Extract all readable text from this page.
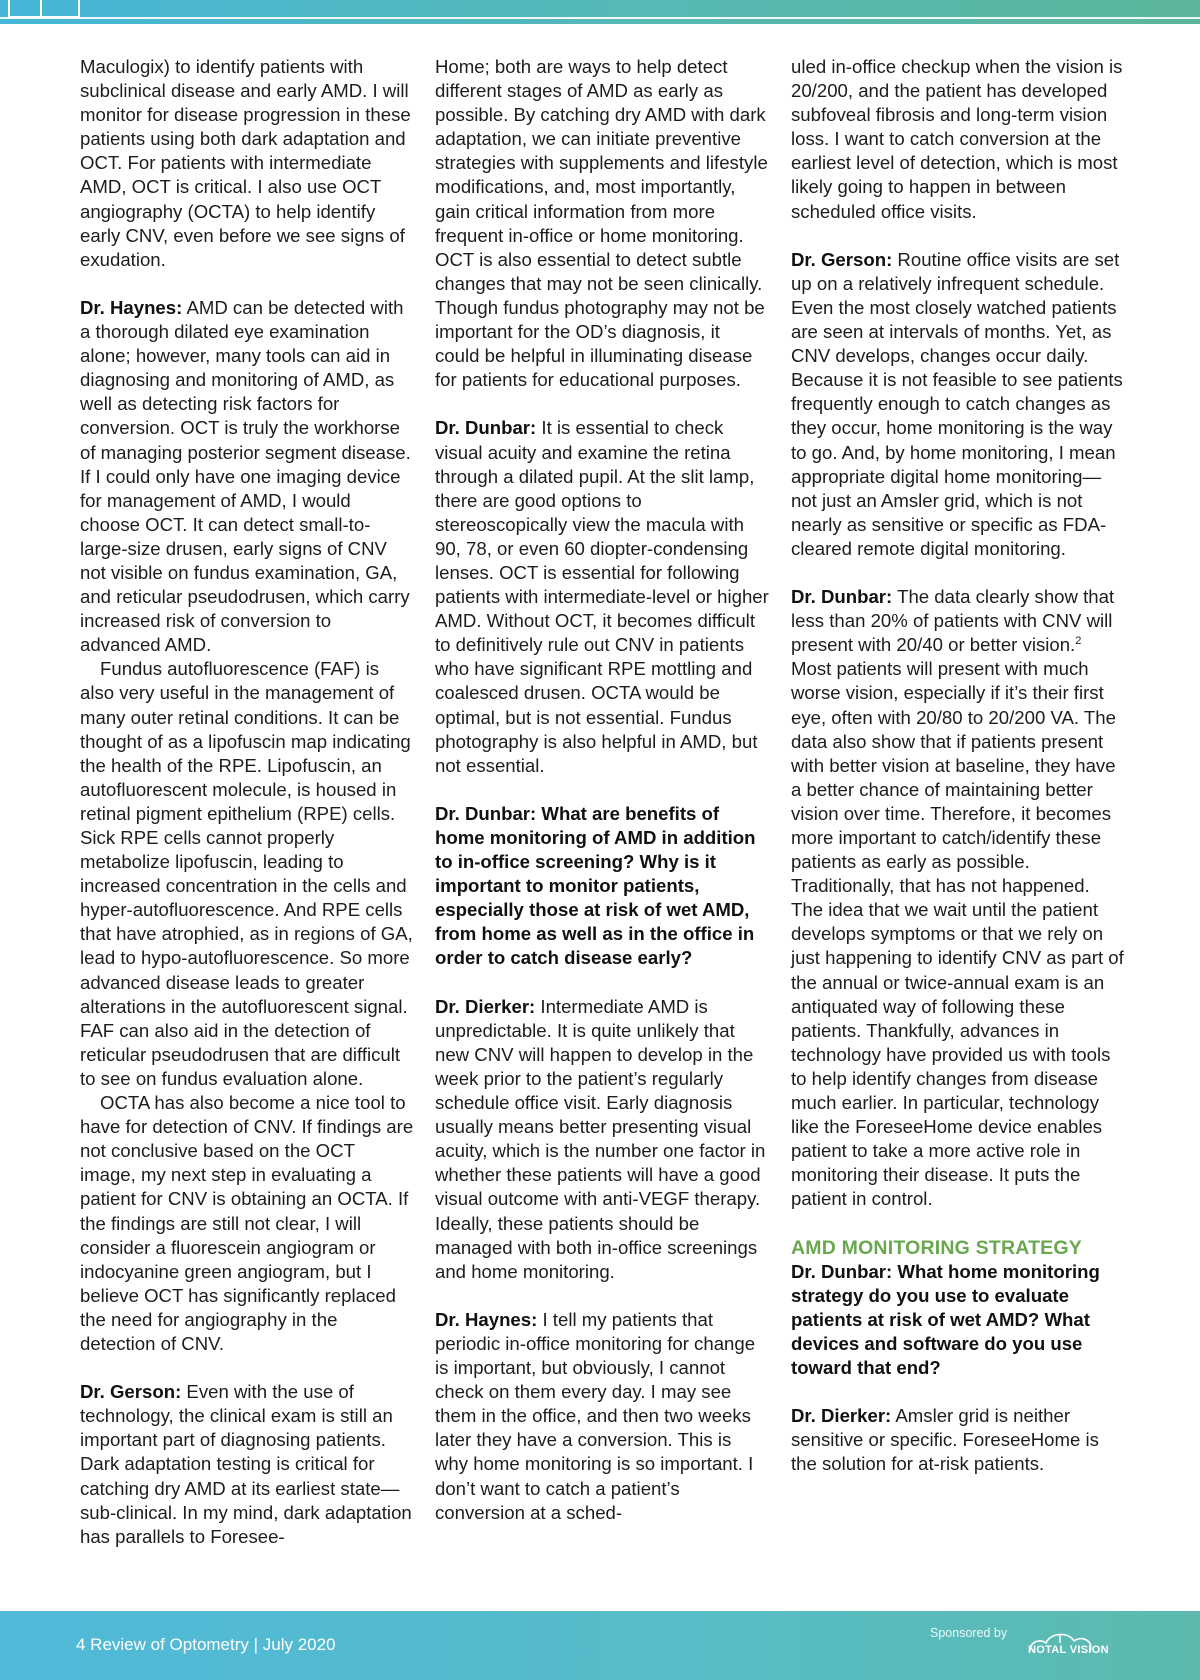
Maculogix) to identify patients with subclinical disease and early AMD. I will monitor for disease progression in these patients using both dark adaptation and OCT. For patients with intermediate AMD, OCT is critical. I also use OCT angiography (OCTA) to help identify early CNV, even before we see signs of exudation.

Dr. Haynes: AMD can be detected with a thorough dilated eye examination alone; however, many tools can aid in diagnosing and monitoring of AMD, as well as detecting risk factors for conversion. OCT is truly the workhorse of managing posterior segment disease. If I could only have one imaging device for management of AMD, I would choose OCT. It can detect small-to-large-size drusen, early signs of CNV not visible on fundus examination, GA, and reticular pseudodrusen, which carry increased risk of conversion to advanced AMD.

Fundus autofluorescence (FAF) is also very useful in the management of many outer retinal conditions. It can be thought of as a lipofuscin map indicating the health of the RPE. Lipofuscin, an autofluorescent molecule, is housed in retinal pigment epithelium (RPE) cells. Sick RPE cells cannot properly metabolize lipofuscin, leading to increased concentration in the cells and hyper-autofluorescence. And RPE cells that have atrophied, as in regions of GA, lead to hypo-autofluorescence. So more advanced disease leads to greater alterations in the autofluorescent signal. FAF can also aid in the detection of reticular pseudodrusen that are difficult to see on fundus evaluation alone.

OCTA has also become a nice tool to have for detection of CNV. If findings are not conclusive based on the OCT image, my next step in evaluating a patient for CNV is obtaining an OCTA. If the findings are still not clear, I will consider a fluorescein angiogram or indocyanine green angiogram, but I believe OCT has significantly replaced the need for angiography in the detection of CNV.

Dr. Gerson: Even with the use of technology, the clinical exam is still an important part of diagnosing patients. Dark adaptation testing is critical for catching dry AMD at its earliest state—sub-clinical. In my mind, dark adaptation has parallels to Foresee-

Home; both are ways to help detect different stages of AMD as early as possible. By catching dry AMD with dark adaptation, we can initiate preventive strategies with supplements and lifestyle modifications, and, most importantly, gain critical information from more frequent in-office or home monitoring. OCT is also essential to detect subtle changes that may not be seen clinically. Though fundus photography may not be important for the OD’s diagnosis, it could be helpful in illuminating disease for patients for educational purposes.

Dr. Dunbar: It is essential to check visual acuity and examine the retina through a dilated pupil. At the slit lamp, there are good options to stereoscopically view the macula with 90, 78, or even 60 diopter-condensing lenses. OCT is essential for following patients with intermediate-level or higher AMD. Without OCT, it becomes difficult to definitively rule out CNV in patients who have significant RPE mottling and coalesced drusen. OCTA would be optimal, but is not essential. Fundus photography is also helpful in AMD, but not essential.

Dr. Dunbar: What are benefits of home monitoring of AMD in addition to in-office screening? Why is it important to monitor patients, especially those at risk of wet AMD, from home as well as in the office in order to catch disease early?

Dr. Dierker: Intermediate AMD is unpredictable. It is quite unlikely that new CNV will happen to develop in the week prior to the patient’s regularly schedule office visit. Early diagnosis usually means better presenting visual acuity, which is the number one factor in whether these patients will have a good visual outcome with anti-VEGF therapy. Ideally, these patients should be managed with both in-office screenings and home monitoring.

Dr. Haynes: I tell my patients that periodic in-office monitoring for change is important, but obviously, I cannot check on them every day. I may see them in the office, and then two weeks later they have a conversion. This is why home monitoring is so important. I don’t want to catch a patient’s conversion at a sched-

uled in-office checkup when the vision is 20/200, and the patient has developed subfoveal fibrosis and long-term vision loss. I want to catch conversion at the earliest level of detection, which is most likely going to happen in between scheduled office visits.

Dr. Gerson: Routine office visits are set up on a relatively infrequent schedule. Even the most closely watched patients are seen at intervals of months. Yet, as CNV develops, changes occur daily. Because it is not feasible to see patients frequently enough to catch changes as they occur, home monitoring is the way to go. And, by home monitoring, I mean appropriate digital home monitoring—not just an Amsler grid, which is not nearly as sensitive or specific as FDA-cleared remote digital monitoring.

Dr. Dunbar: The data clearly show that less than 20% of patients with CNV will present with 20/40 or better vision.$^2$ Most patients will present with much worse vision, especially if it’s their first eye, often with 20/80 to 20/200 VA. The data also show that if patients present with better vision at baseline, they have a better chance of maintaining better vision over time. Therefore, it becomes more important to catch/identify these patients as early as possible. Traditionally, that has not happened. The idea that we wait until the patient develops symptoms or that we rely on just happening to identify CNV as part of the annual or twice-annual exam is an antiquated way of following these patients. Thankfully, advances in technology have provided us with tools to help identify changes from disease much earlier. In particular, technology like the ForeseeHome device enables patient to take a more active role in monitoring their disease. It puts the patient in control.

AMD MONITORING STRATEGY

Dr. Dunbar: What home monitoring strategy do you use to evaluate patients at risk of wet AMD? What devices and software do you use toward that end?

Dr. Dierker: Amsler grid is neither sensitive or specific. ForeseeHome is the solution for at-risk patients.

4 Review of Optometry | July 2020
Sponsored by
NOTAL VISION
